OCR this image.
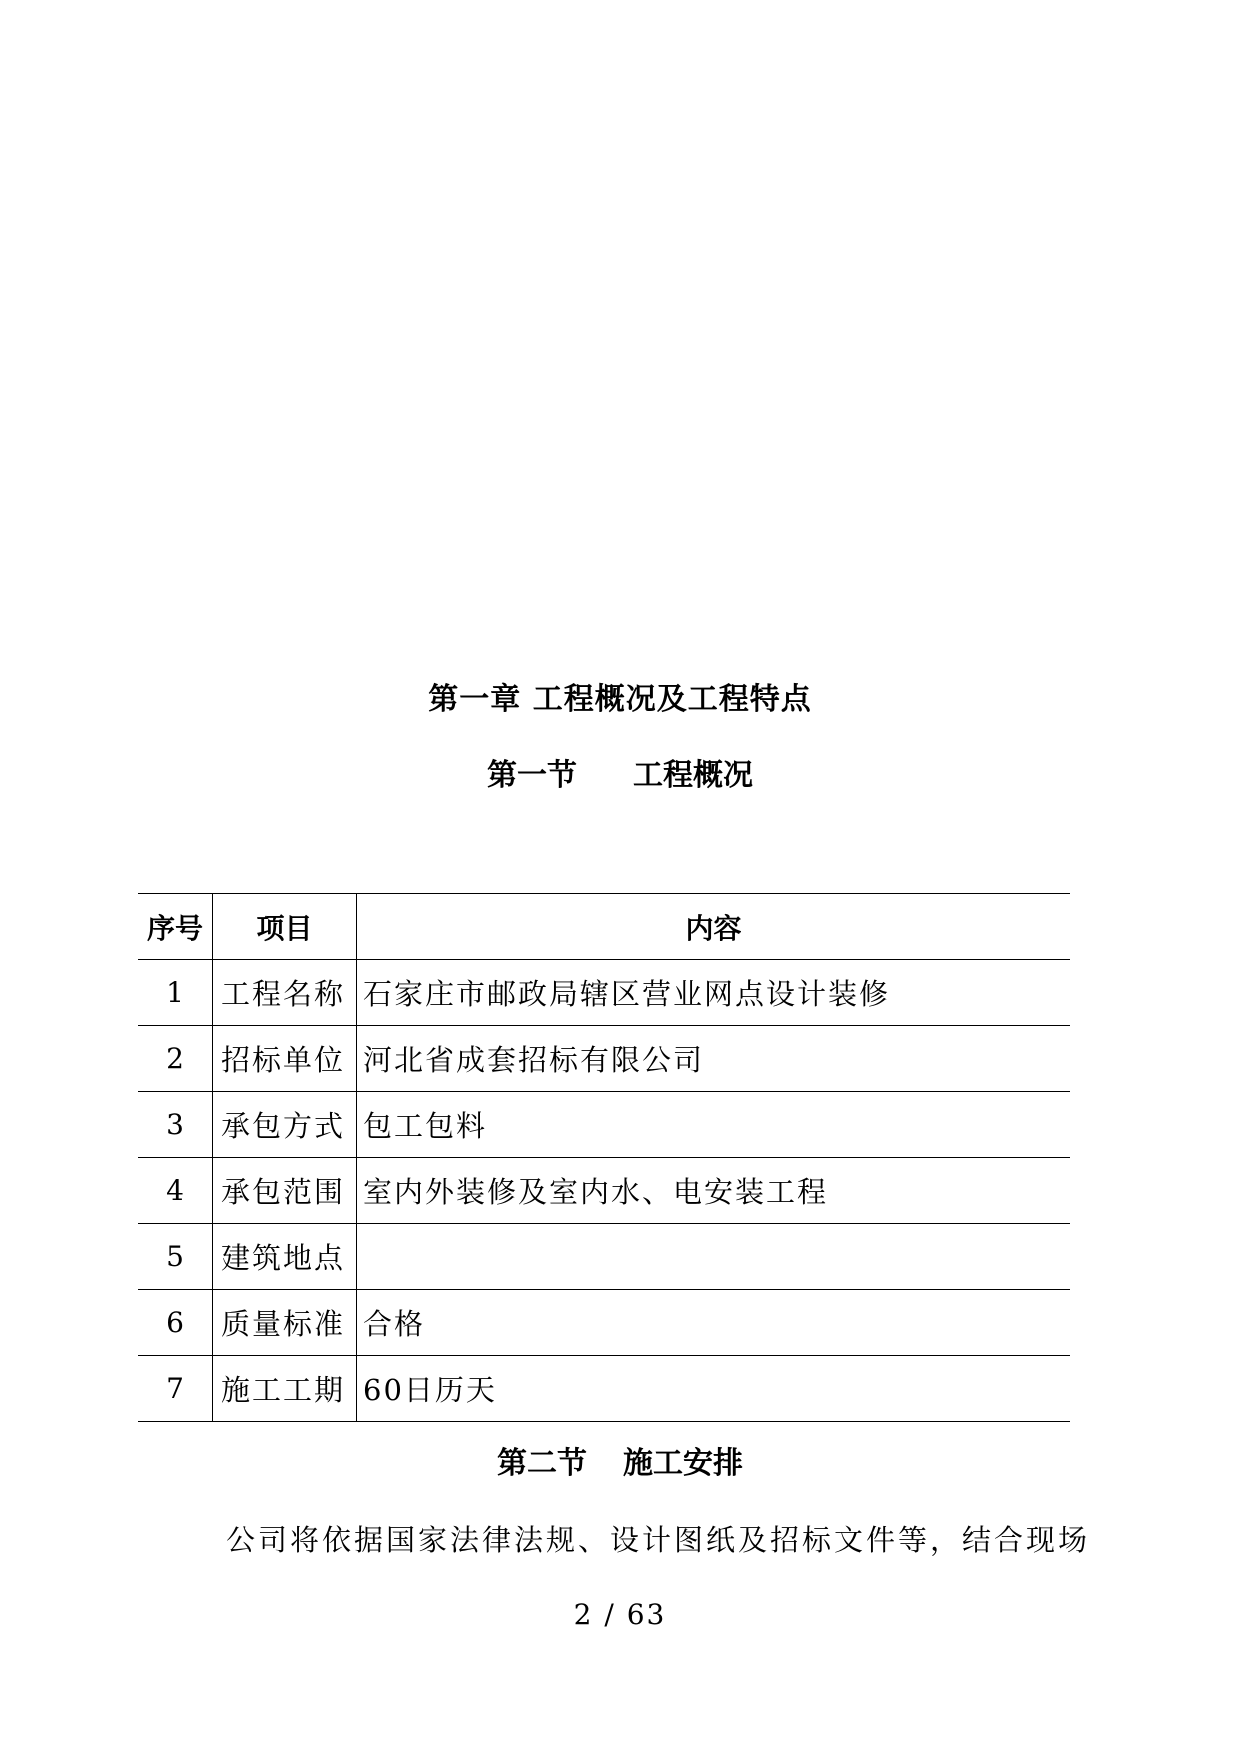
第一章 工程概况及工程特点
第一节 工程概况
序号	项目	内容
1	工程名称	石家庄市邮政局辖区营业网点设计装修
2	招标单位	河北省成套招标有限公司
3	承包方式	包工包料
4	承包范围	室内外装修及室内水、电安装工程
5	建筑地点	
6	质量标准	合格
7	施工工期	60日历天
第二节 施工安排
公司将依据国家法律法规、设计图纸及招标文件等，结合现场
2 / 63
